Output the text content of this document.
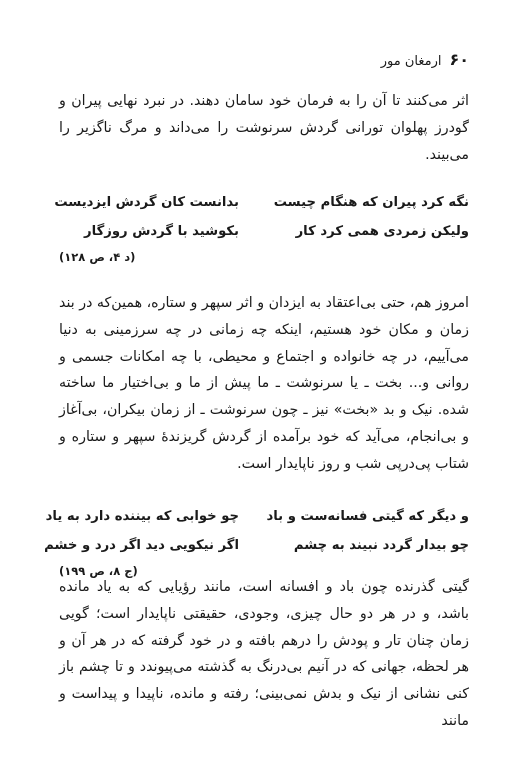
۶۰
ارمغان مور

اثر می‌کنند تا آن را به فرمان خود سامان دهند. در نبرد نهایی پیران و گودرز پهلوان تورانی گردش سرنوشت را می‌داند و مرگ ناگزیر را می‌بیند.

نگه کرد پیران که هنگام چیست
بدانست کان گردش ایزدیست
ولیکن زمردی همی کرد کار
بکوشید با گردش روزگار
(د ۴، ص ۱۲۸)

امروز هم، حتی بی‌اعتقاد به ایزدان و اثر سپهر و ستاره، همین‌که در بند زمان و مکان خود هستیم، اینکه چه زمانی در چه سرزمینی به دنیا می‌آییم، در چه خانواده و اجتماع و محیطی، با چه امکانات جسمی و روانی و... بخت ـ یا سرنوشت ـ ما پیش از ما و بی‌اختیار ما ساخته شده. نیک و بد «بخت» نیز ـ چون سرنوشت ـ از زمان بیکران، بی‌آغاز و بی‌انجام، می‌آید که خود برآمده از گردش گریزندهٔ سپهر و ستاره و شتاب پی‌درپی شب و روز ناپایدار است.

و دیگر که گیتی فسانه‌ست و باد
چو خوابی که بیننده دارد به یاد
چو بیدار گردد نبیند به چشم
اگر نیکویی دید اگر درد و خشم
(ج ۸، ص ۱۹۹)

گیتی گذرنده چون باد و افسانه است، مانند رؤیایی که به یاد مانده باشد، و در هر دو حال چیزی، وجودی، حقیقتی ناپایدار است؛ گویی زمان چنان تار و پودش را درهم بافته و در خود گرفته که در هر آن و هر لحظه، جهانی که در آنیم بی‌درنگ به گذشته می‌پیوندد و تا چشم باز کنی نشانی از نیک و بدش نمی‌بینی؛ رفته و مانده، ناپیدا و پیداست و مانند
